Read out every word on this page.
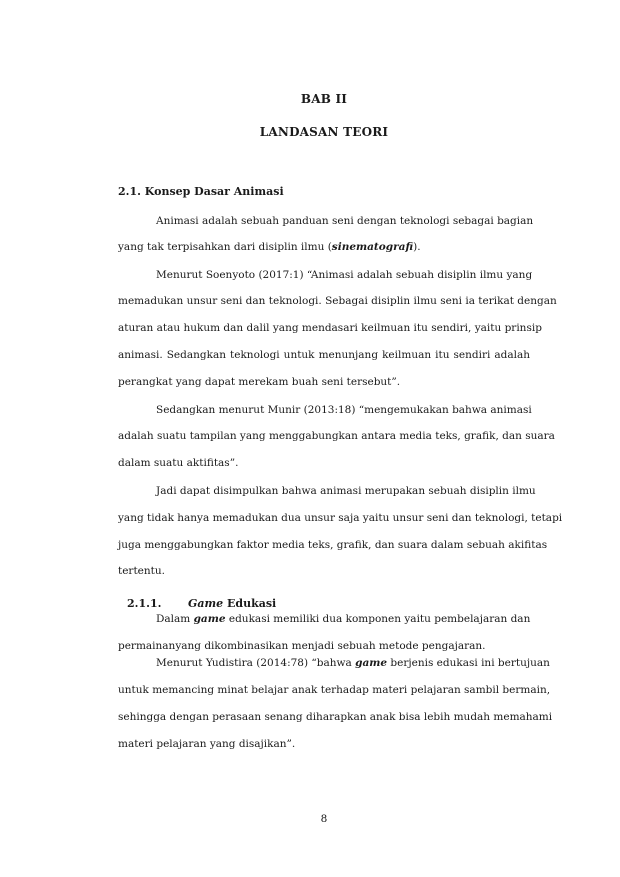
BAB II
LANDASAN TEORI
2.1. Konsep Dasar Animasi
Animasi adalah sebuah panduan seni dengan teknologi sebagai bagian
yang tak terpisahkan dari disiplin ilmu (sinematografi).
Menurut Soenyoto (2017:1) “Animasi adalah sebuah disiplin ilmu yang
memadukan unsur seni dan teknologi. Sebagai disiplin ilmu seni ia terikat dengan
aturan atau hukum dan dalil yang mendasari keilmuan itu sendiri, yaitu prinsip
animasi. Sedangkan teknologi untuk menunjang keilmuan itu sendiri adalah
perangkat yang dapat merekam buah seni tersebut”.
Sedangkan menurut Munir (2013:18) “mengemukakan bahwa animasi
adalah suatu tampilan yang menggabungkan antara media teks, grafik, dan suara
dalam suatu aktifitas”.
Jadi dapat disimpulkan bahwa animasi merupakan sebuah disiplin ilmu
yang tidak hanya memadukan dua unsur saja yaitu unsur seni dan teknologi, tetapi
juga menggabungkan faktor media teks, grafik, dan suara dalam sebuah akifitas
tertentu.
2.1.1. Game Edukasi
Dalam game edukasi memiliki dua komponen yaitu pembelajaran dan
permainanyang dikombinasikan menjadi sebuah metode pengajaran.
Menurut Yudistira (2014:78) “bahwa game berjenis edukasi ini bertujuan
untuk memancing minat belajar anak terhadap materi pelajaran sambil bermain,
sehingga dengan perasaan senang diharapkan anak bisa lebih mudah memahami
materi pelajaran yang disajikan”.
8
